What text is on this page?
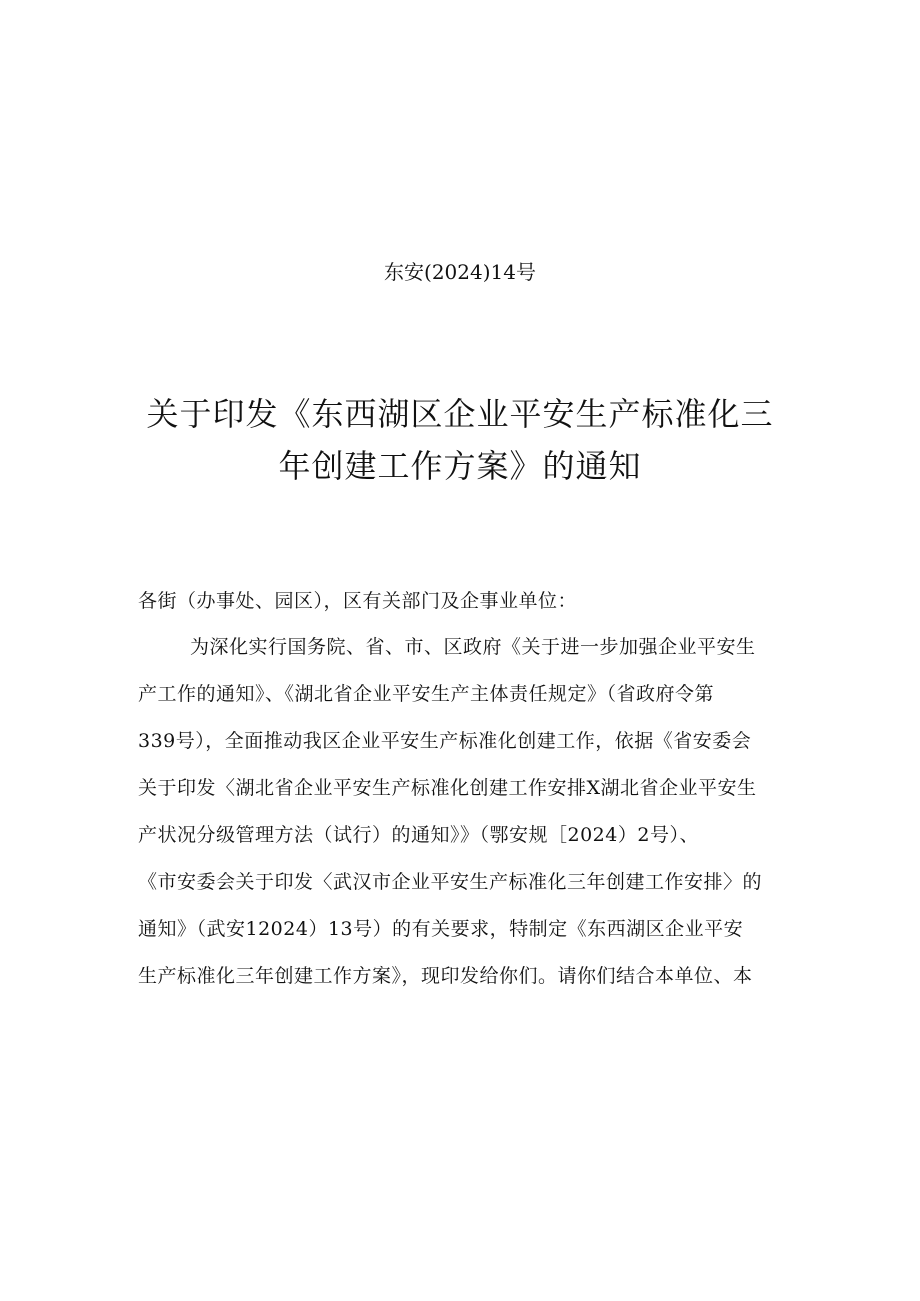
东安(2024)14号
关于印发《东西湖区企业平安生产标准化三
年创建工作方案》的通知
各街（办事处、园区），区有关部门及企事业单位：
为深化实行国务院、省、市、区政府《关于进一步加强企业平安生
产工作的通知》、《湖北省企业平安生产主体责任规定》（省政府令第
339号），全面推动我区企业平安生产标准化创建工作，依据《省安委会
关于印发〈湖北省企业平安生产标准化创建工作安排X湖北省企业平安生
产状况分级管理方法（试行）的通知》》（鄂安规［2024）2号）、
《市安委会关于印发〈武汉市企业平安生产标准化三年创建工作安排〉的
通知》（武安12024）13号）的有关要求，特制定《东西湖区企业平安
生产标准化三年创建工作方案》，现印发给你们。请你们结合本单位、本
